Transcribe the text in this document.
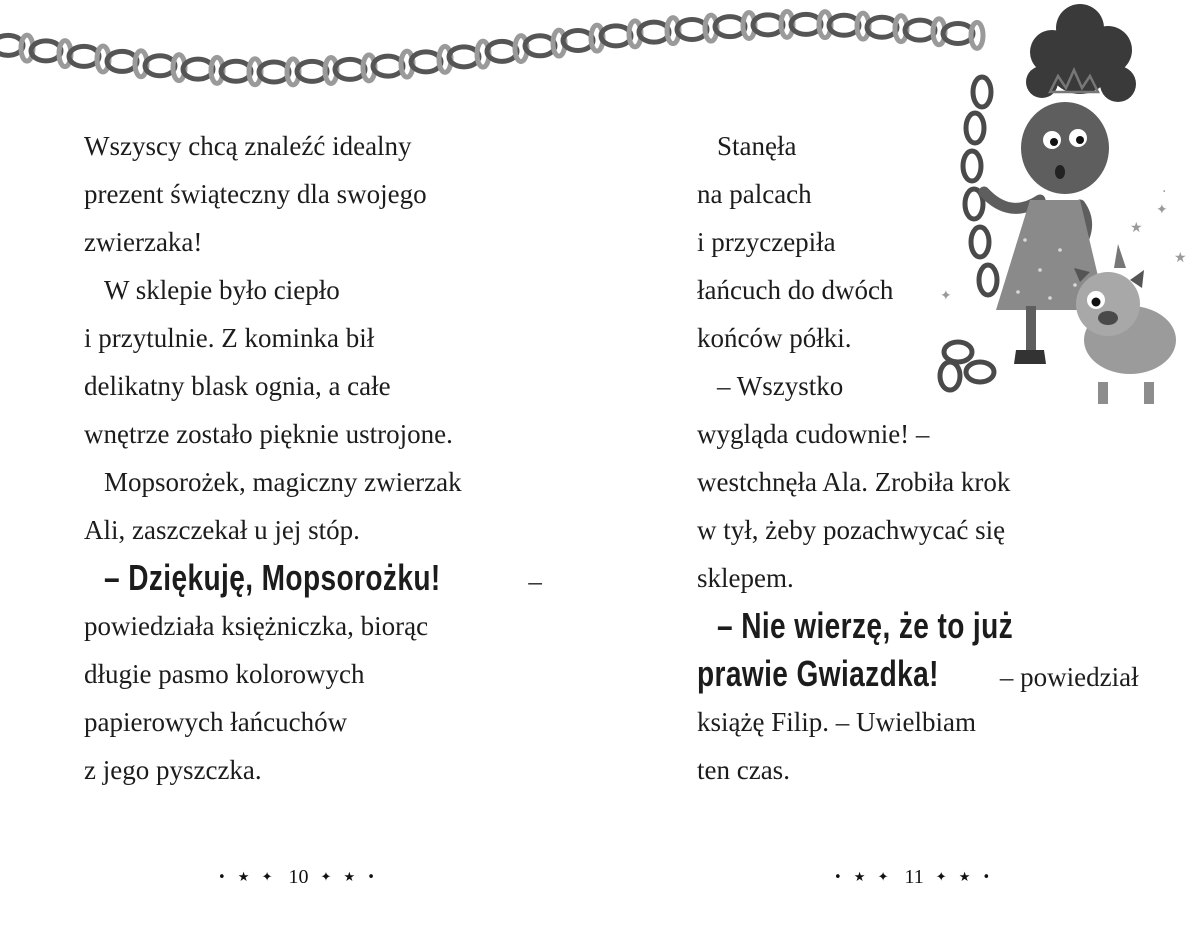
★
✦
✦
★
·
Wszyscy chcą znaleźć idealny
prezent świąteczny dla swojego
zwierzaka!
W sklepie było ciepło
i przytulnie. Z kominka bił
delikatny blask ognia, a całe
wnętrze zostało pięknie ustrojone.
Mopsorożek, magiczny zwierzak
Ali, zaszczekał u jej stóp.
– Dziękuję, Mopsorożku!	–
powiedziała księżniczka, biorąc
długie pasmo kolorowych
papierowych łańcuchów
z jego pyszczka.
Stanęła
na palcach
i przyczepiła
łańcuch do dwóch
końców półki.
– Wszystko
wygląda cudownie! –
westchnęła Ala. Zrobiła krok
w tył, żeby pozachwycać się
sklepem.
– Nie wierzę, że to już
prawie Gwiazdka! – powiedział
książę Filip. – Uwielbiam
ten czas.
• ★ ✦ 10 ✦ ★ •	• ★ ✦ 11 ✦ ★ •
